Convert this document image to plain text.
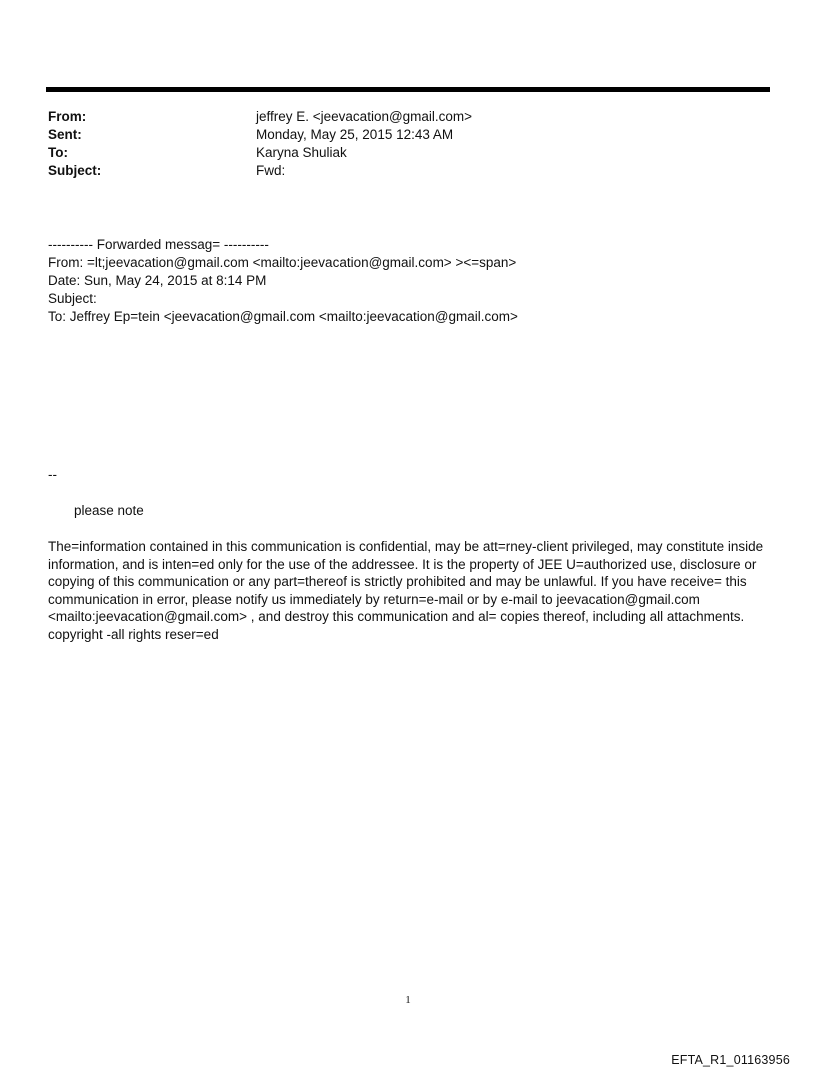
From:	jeffrey E. <jeevacation@gmail.com>
Sent:	Monday, May 25, 2015 12:43 AM
To:	Karyna Shuliak
Subject:	Fwd:
---------- Forwarded messag= ----------
From: =lt;jeevacation@gmail.com <mailto:jeevacation@gmail.com> ><=span>
Date: Sun, May 24, 2015 at 8:14 PM
Subject:
To: Jeffrey Ep=tein <jeevacation@gmail.com <mailto:jeevacation@gmail.com>
--
please note
The=information contained in this communication is confidential, may be att=rney-client privileged, may constitute inside information, and is inten=ed only for the use of the addressee. It is the property of JEE U=authorized use, disclosure or copying of this communication or any part=thereof is strictly prohibited and may be unlawful. If you have receive= this communication in error, please notify us immediately by return=e-mail or by e-mail to jeevacation@gmail.com <mailto:jeevacation@gmail.com> , and destroy this communication and al= copies thereof, including all attachments. copyright -all rights reser=ed
1
EFTA_R1_01163956
